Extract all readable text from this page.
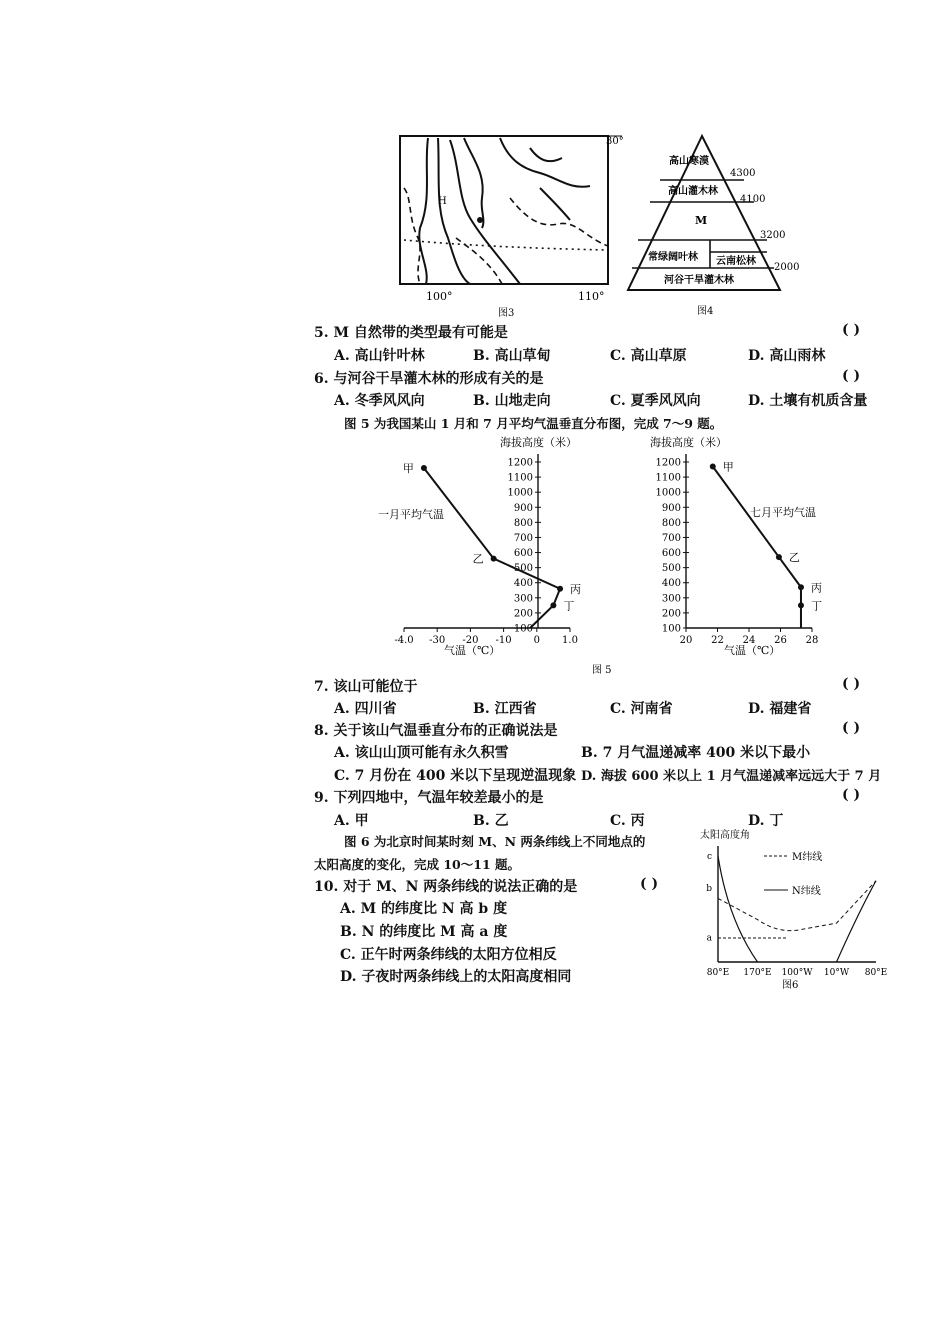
30°
H
100°	110°
图3
高山寒漠
高山灌木林
M
常绿阔叶林 云南松林
河谷干旱灌木林
4300
4100
3200
2000
图4
5. M 自然带的类型最有可能是	( )
A. 高山针叶林	B. 高山草甸	C. 高山草原	D. 高山雨林
6. 与河谷干旱灌木林的形成有关的是	( )
A. 冬季风风向	B. 山地走向	C. 夏季风风向	D. 土壤有机质含量
图 5 为我国某山 1 月和 7 月平均气温垂直分布图，完成 7～9 题。
海拔高度（米）
气温（℃）
一月平均气温
1200
1100
1000
900
800
700
600
500
400
300
200
100
-4.0 -30 -20 -10 0 1.0
甲
乙
丙
丁
海拔高度（米）
气温（℃）
七月平均气温
1200
1100
1000
900
800
700
600
500
400
300
200
100
20 22 24 26 28
甲
乙
丙
丁
图 5
7. 该山可能位于	( )
A. 四川省	B. 江西省	C. 河南省	D. 福建省
8. 关于该山气温垂直分布的正确说法是	( )
A. 该山山顶可能有永久积雪	B. 7 月气温递减率 400 米以下最小
C. 7 月份在 400 米以下呈现逆温现象 D. 海拔 600 米以上 1 月气温递减率远远大于 7 月
9. 下列四地中，气温年较差最小的是	( )
A. 甲	B. 乙	C. 丙	D. 丁
图 6 为北京时间某时刻 M、N 两条纬线上不同地点的
太阳高度的变化，完成 10～11 题。
10. 对于 M、N 两条纬线的说法正确的是	( )
A. M 的纬度比 N 高 b 度
B. N 的纬度比 M 高 a 度
C. 正午时两条纬线的太阳方位相反
D. 子夜时两条纬线上的太阳高度相同
太阳高度角
M纬线
N纬线
c
b
a
80°E 170°E 100°W 10°W 80°E
图6
